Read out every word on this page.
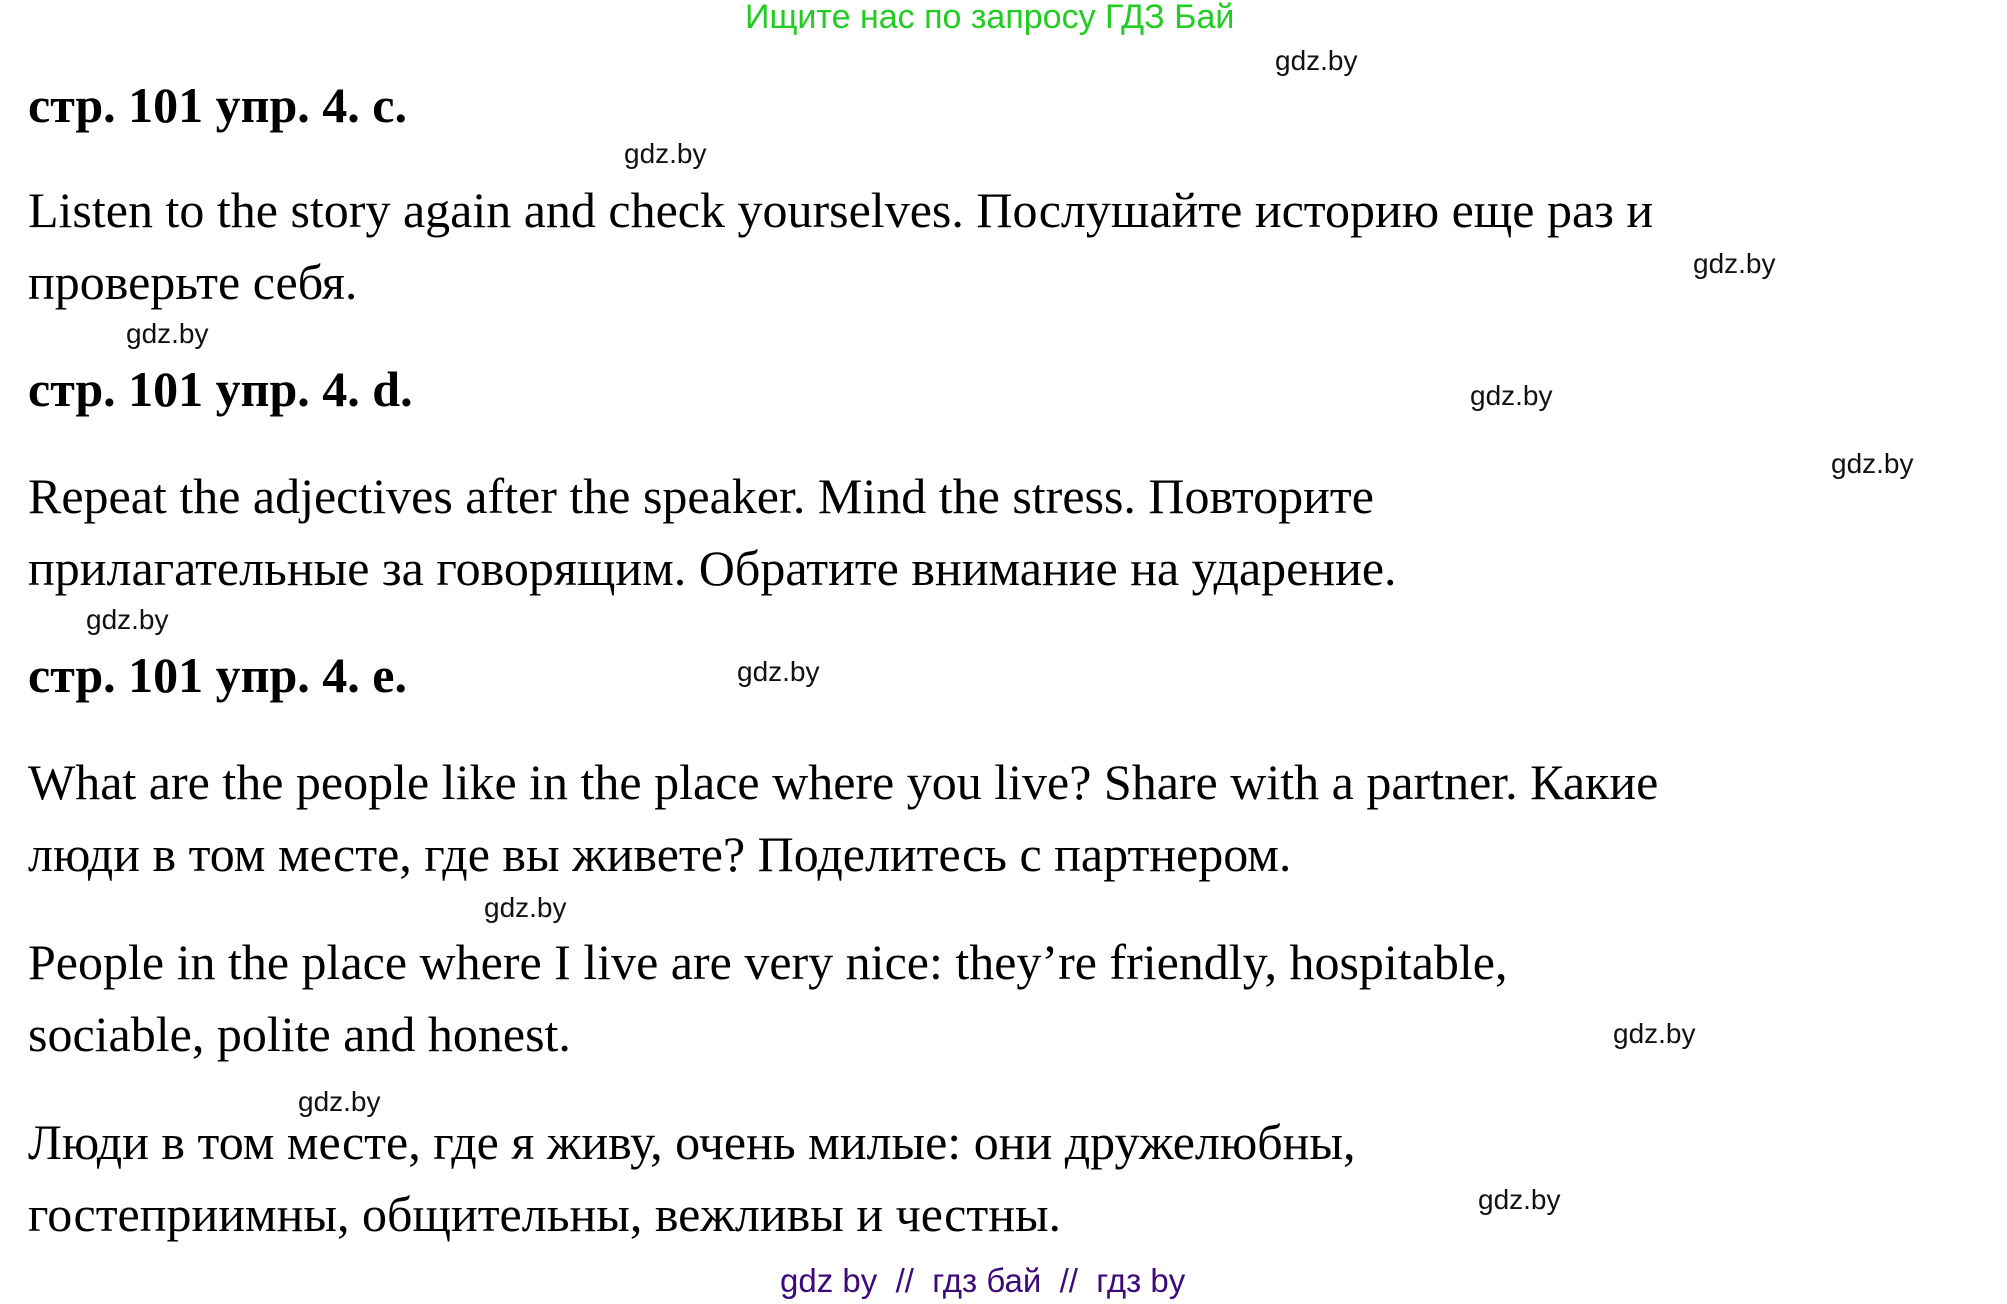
Ищите нас по запросу ГДЗ Бай
gdz.by
стр. 101 упр. 4. c.
gdz.by
Listen to the story again and check yourselves. Послушайте историю еще раз и
проверьте себя.	gdz.by
gdz.by
стр. 101 упр. 4. d.	gdz.by
gdz.by
Repeat the adjectives after the speaker. Mind the stress. Повторите
прилагательные за говорящим. Обратите внимание на ударение.
gdz.by
стр. 101 упр. 4. e.	gdz.by
What are the people like in the place where you live? Share with a partner. Какие
люди в том месте, где вы живете? Поделитесь с партнером.
gdz.by
People in the place where I live are very nice: they’re friendly, hospitable,
sociable, polite and honest.	gdz.by
gdz.by
Люди в том месте, где я живу, очень милые: они дружелюбны,
гостеприимны, общительны, вежливы и честны.	gdz.by
gdz by  //  гдз бай  //  гдз by
